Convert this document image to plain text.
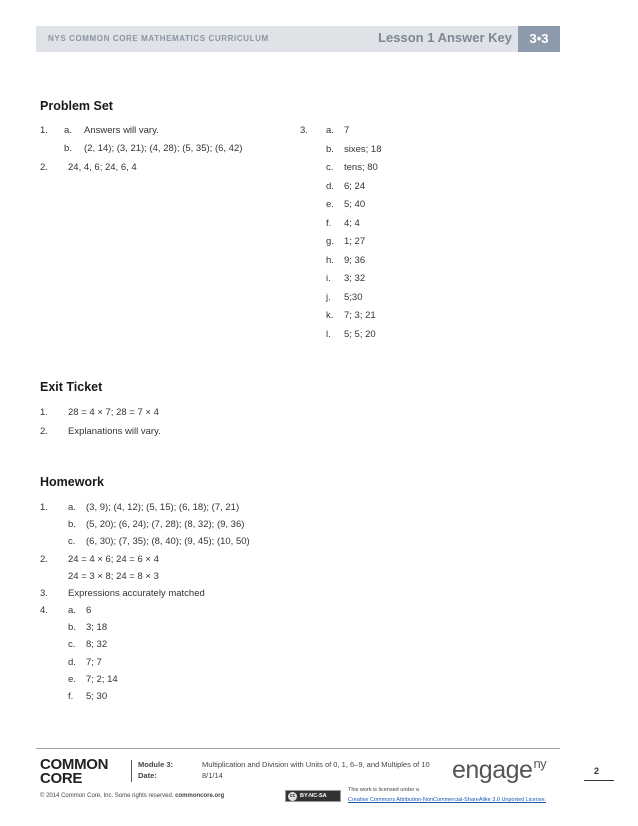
NYS COMMON CORE MATHEMATICS CURRICULUM	Lesson 1 Answer Key	3•3
Problem Set
1. a. Answers will vary.
b. (2, 14); (3, 21); (4, 28); (5, 35); (6, 42)
2. 24, 4, 6; 24, 6, 4
3. a. 7
b. sixes; 18
c. tens; 80
d. 6; 24
e. 5; 40
f. 4; 4
g. 1; 27
h. 9; 36
i. 3; 32
j. 5;30
k. 7; 3; 21
l. 5; 5; 20
Exit Ticket
1. 28 = 4 × 7; 28 = 7 × 4
2. Explanations will vary.
Homework
1. a. (3, 9); (4, 12); (5, 15); (6, 18); (7, 21)
b. (5, 20); (6, 24); (7, 28); (8, 32); (9, 36)
c. (6, 30); (7, 35); (8, 40); (9, 45); (10, 50)
2. 24 = 4 × 6; 24 = 6 × 4
24 = 3 × 8; 24 = 8 × 3
3. Expressions accurately matched
4. a. 6
b. 3; 18
c. 8; 32
d. 7; 7
e. 7; 2; 14
f. 5; 30
COMMON
CORE
Module 3:	Multiplication and Division with Units of 0, 1, 6–9, and Multiples of 10
Date:	8/1/14	engage$^{ny}$	2
© 2014 Common Core, Inc. Some rights reserved. commoncore.org	cc BY-NC-SA
This work is licensed under a
Creative Commons Attribution-NonCommercial-ShareAlike 3.0 Unported License.
